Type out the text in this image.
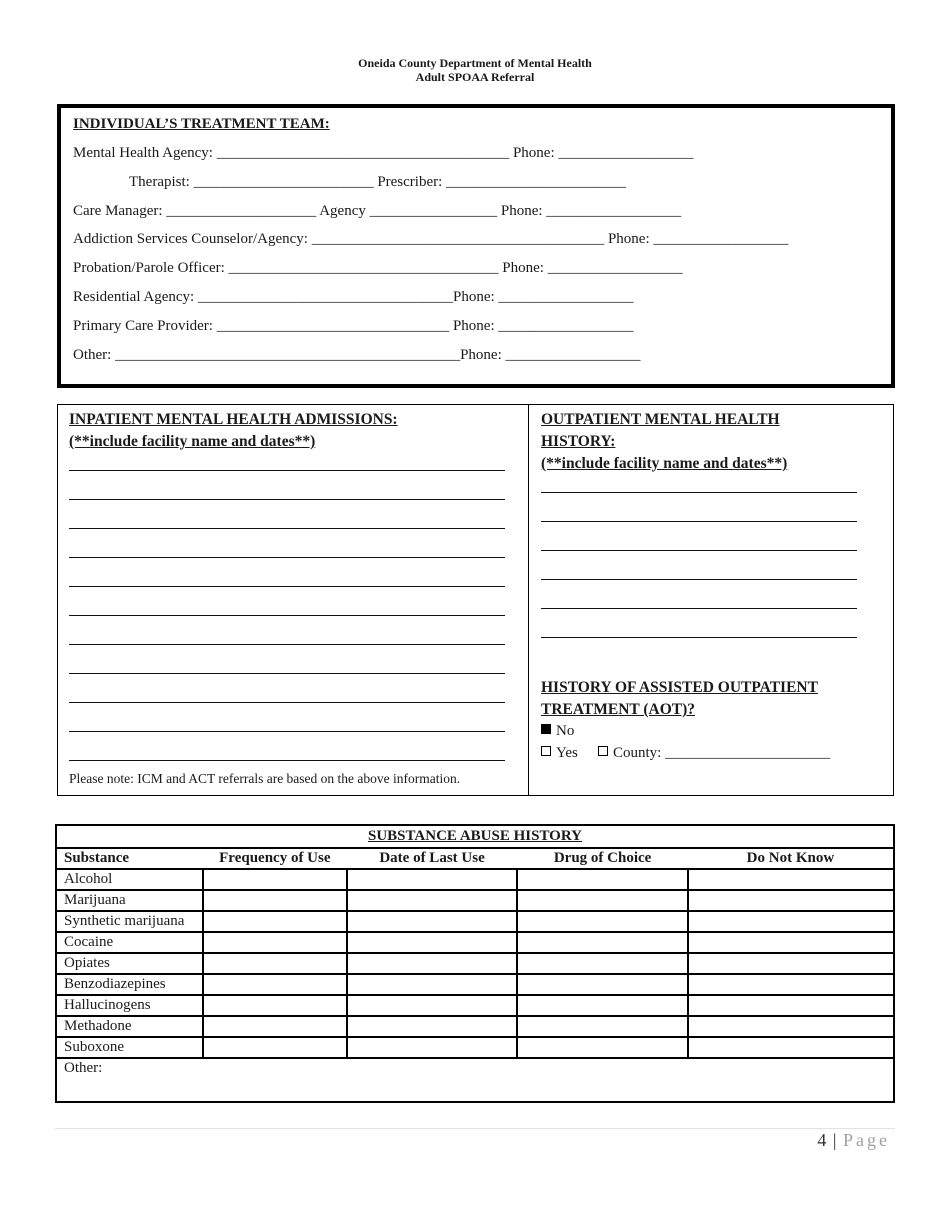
Oneida County Department of Mental Health
Adult SPOAA Referral
INDIVIDUAL’S TREATMENT TEAM:
Mental Health Agency: _______________________________________ Phone: __________________
Therapist: ________________________ Prescriber: ________________________
Care Manager: ____________________ Agency _________________ Phone: __________________
Addiction Services Counselor/Agency: _______________________________________ Phone: __________________
Probation/Parole Officer: ____________________________________ Phone: __________________
Residential Agency: __________________________________Phone: __________________
Primary Care Provider: _______________________________ Phone: __________________
Other: ______________________________________________Phone: __________________
INPATIENT MENTAL HEALTH ADMISSIONS:
(**include facility name and dates**)
Please note: ICM and ACT referrals are based on the above information.
OUTPATIENT MENTAL HEALTH
HISTORY:
(**include facility name and dates**)
HISTORY OF ASSISTED OUTPATIENT
TREATMENT (AOT)?
No
Yes	County: ______________________
SUBSTANCE ABUSE HISTORY				
Substance	Frequency of Use	Date of Last Use	Drug of Choice	Do Not Know
Alcohol				
Marijuana				
Synthetic marijuana				
Cocaine				
Opiates				
Benzodiazepines				
Hallucinogens				
Methadone				
Suboxone				
Other:				
4 | Page
